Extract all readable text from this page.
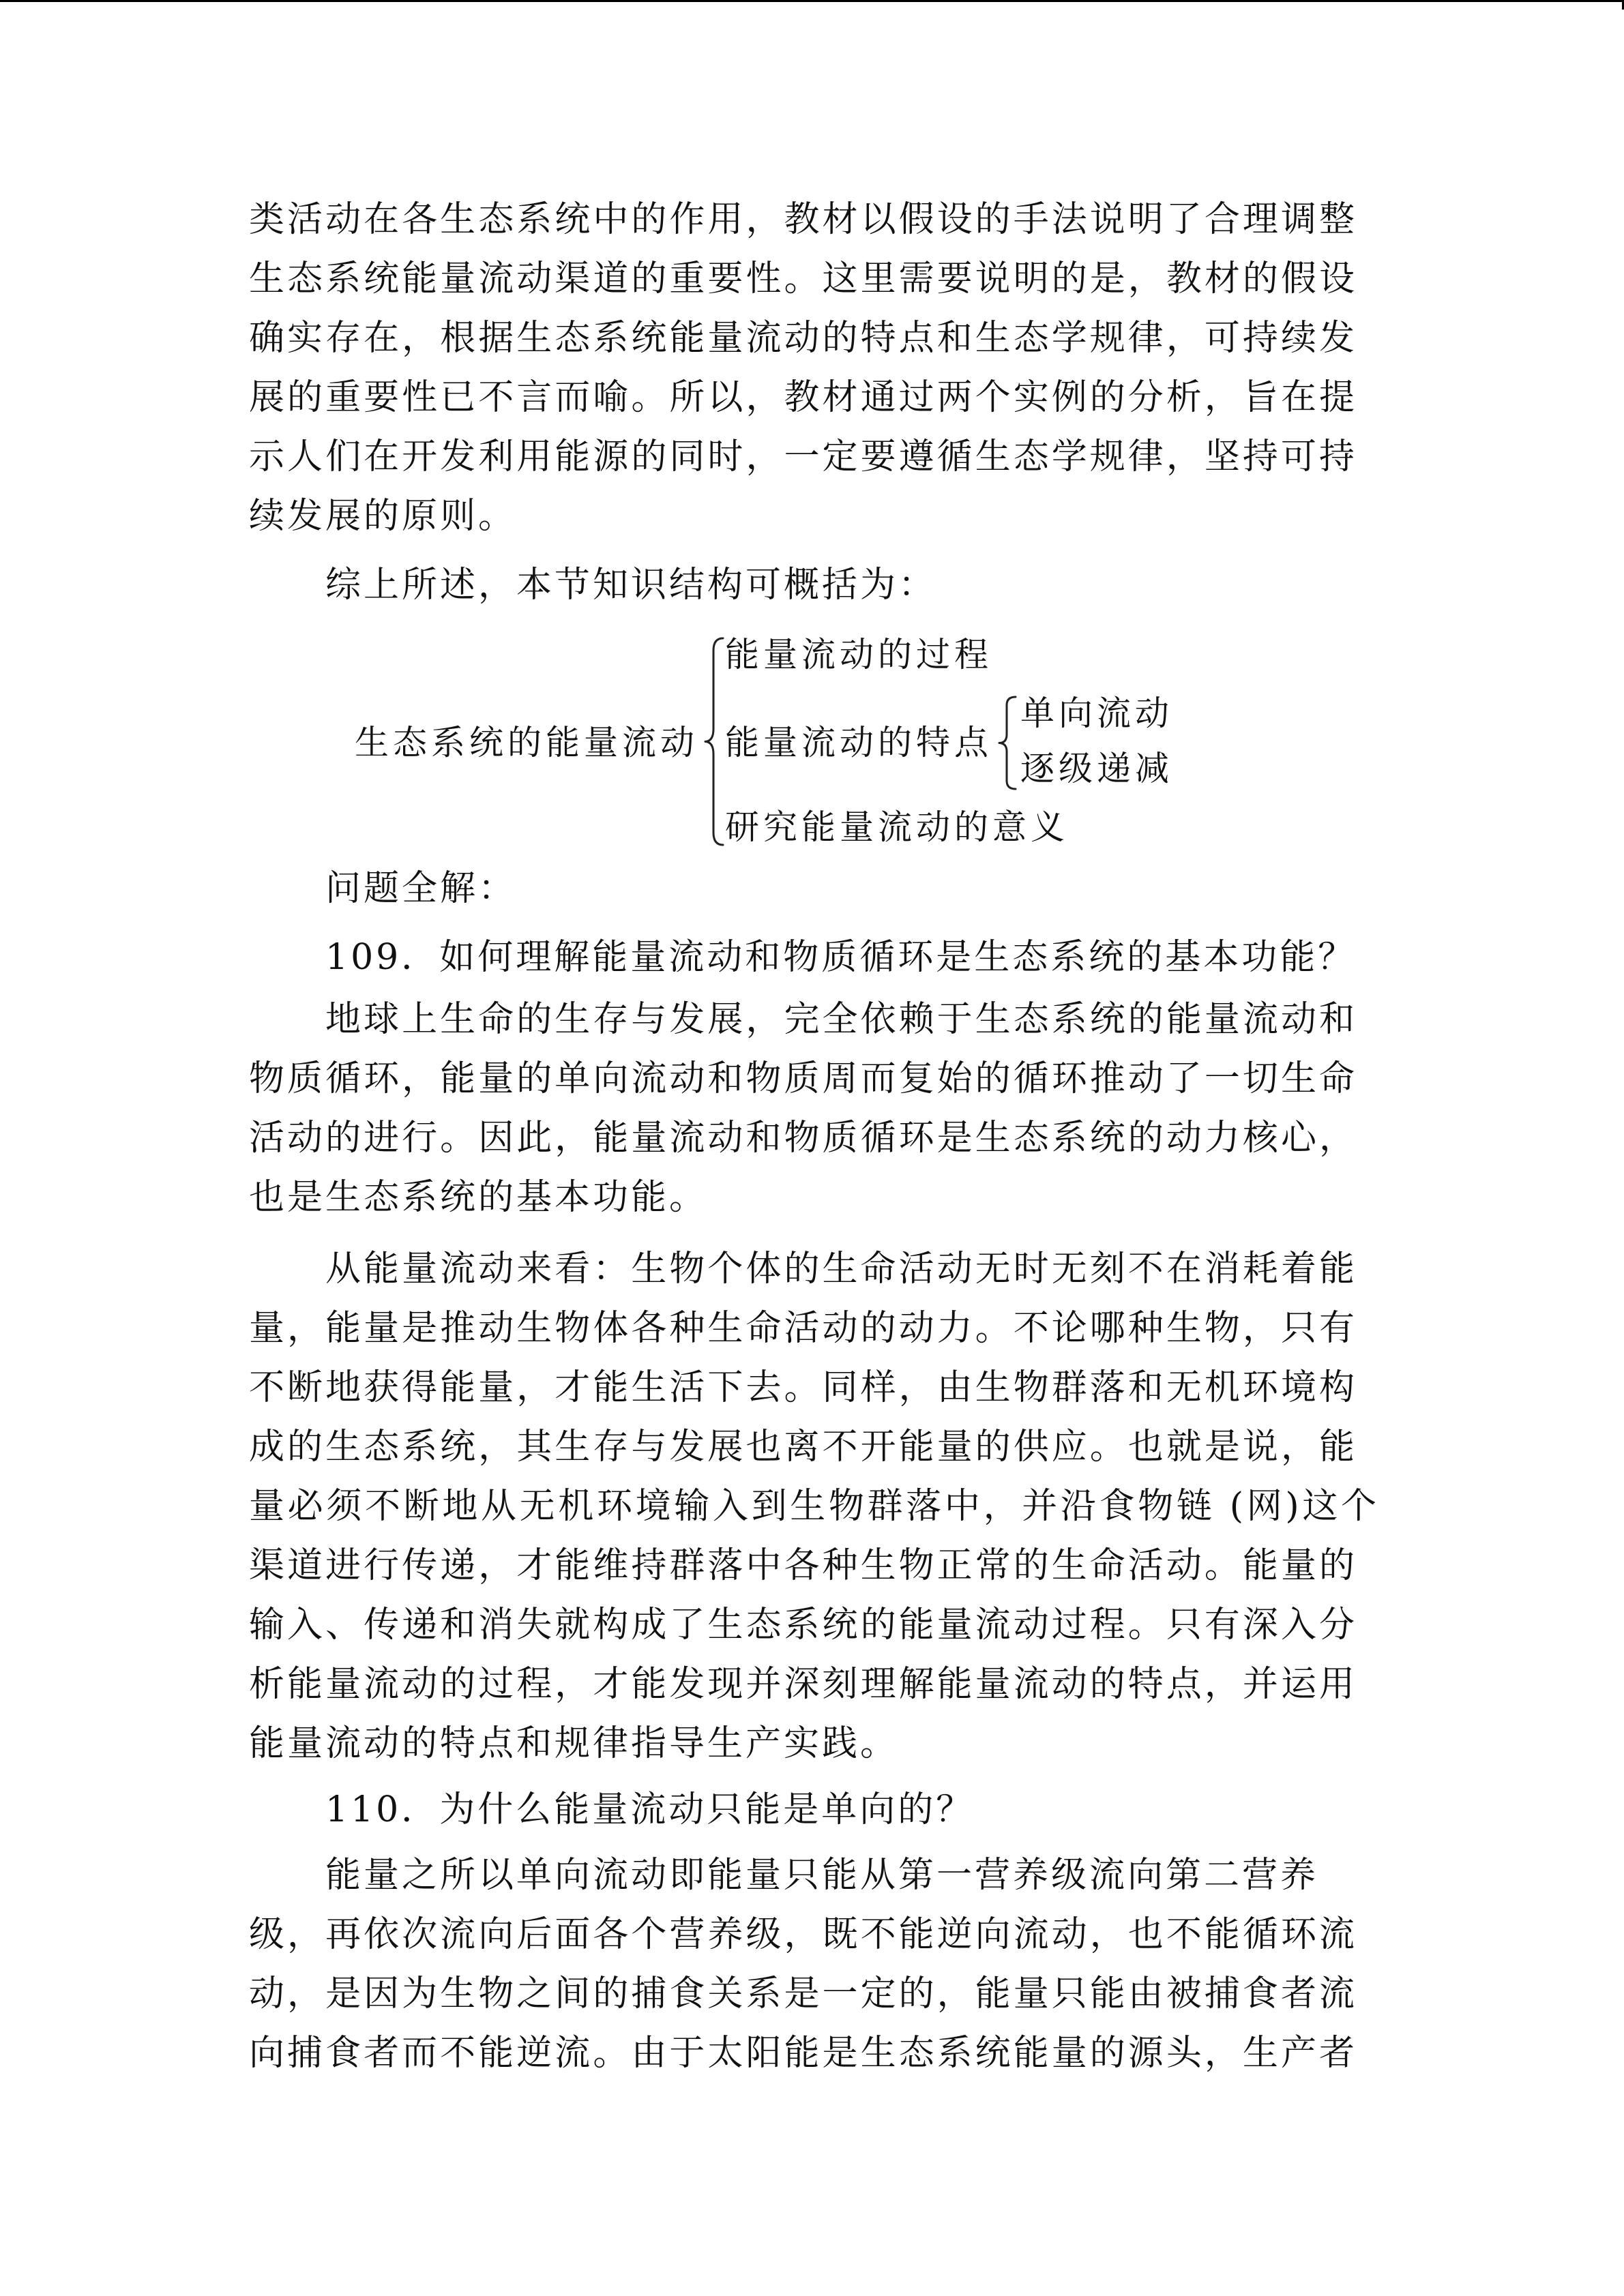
类活动在各生态系统中的作用，教材以假设的手法说明了合理调整
生态系统能量流动渠道的重要性。这里需要说明的是，教材的假设
确实存在，根据生态系统能量流动的特点和生态学规律，可持续发
展的重要性已不言而喻。所以，教材通过两个实例的分析，旨在提
示人们在开发利用能源的同时，一定要遵循生态学规律，坚持可持
续发展的原则。
综上所述，本节知识结构可概括为：
生态系统的能量流动
能量流动的过程
能量流动的特点
研究能量流动的意义
单向流动
逐级递减
问题全解：
109．如何理解能量流动和物质循环是生态系统的基本功能？
地球上生命的生存与发展，完全依赖于生态系统的能量流动和
物质循环，能量的单向流动和物质周而复始的循环推动了一切生命
活动的进行。因此，能量流动和物质循环是生态系统的动力核心，
也是生态系统的基本功能。
从能量流动来看：生物个体的生命活动无时无刻不在消耗着能
量，能量是推动生物体各种生命活动的动力。不论哪种生物，只有
不断地获得能量，才能生活下去。同样，由生物群落和无机环境构
成的生态系统，其生存与发展也离不开能量的供应。也就是说，能
量必须不断地从无机环境输入到生物群落中，并沿食物链 (网)这个
渠道进行传递，才能维持群落中各种生物正常的生命活动。能量的
输入、传递和消失就构成了生态系统的能量流动过程。只有深入分
析能量流动的过程，才能发现并深刻理解能量流动的特点，并运用
能量流动的特点和规律指导生产实践。
110．为什么能量流动只能是单向的？
能量之所以单向流动即能量只能从第一营养级流向第二营养
级，再依次流向后面各个营养级，既不能逆向流动，也不能循环流
动，是因为生物之间的捕食关系是一定的，能量只能由被捕食者流
向捕食者而不能逆流。由于太阳能是生态系统能量的源头，生产者
